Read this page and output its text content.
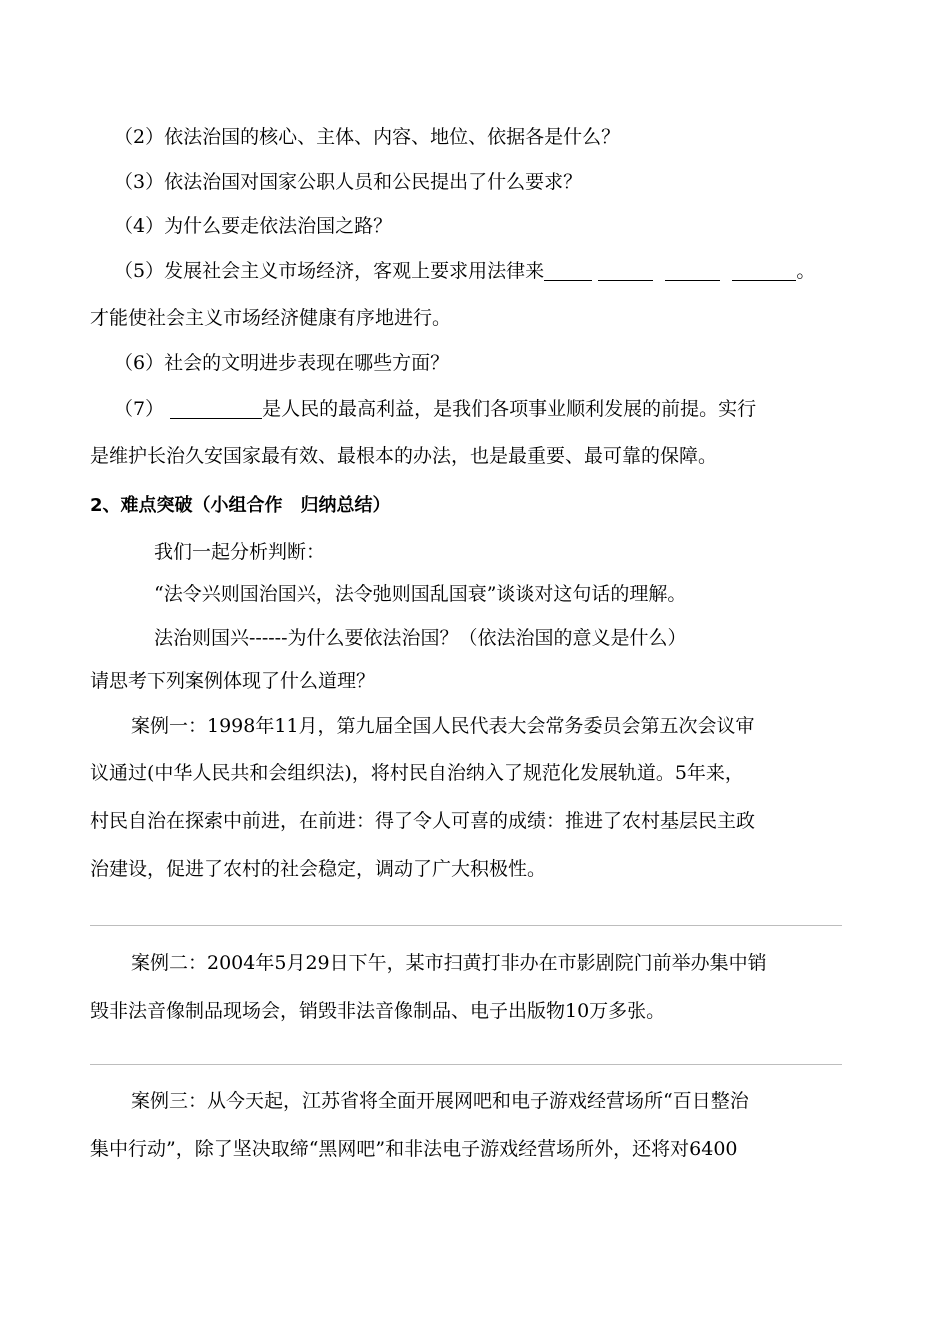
（2）依法治国的核心、主体、内容、地位、依据各是什么？
（3）依法治国对国家公职人员和公民提出了什么要求？
（4）为什么要走依法治国之路？
（5）发展社会主义市场经济，客观上要求用法律来	。
才能使社会主义市场经济健康有序地进行。
（6）社会的文明进步表现在哪些方面？
（7）	是人民的最高利益，是我们各项事业顺利发展的前提。实行
是维护长治久安国家最有效、最根本的办法，也是最重要、最可靠的保障。
2、难点突破（小组合作　归纳总结）
我们一起分析判断：
“法令兴则国治国兴，法令弛则国乱国衰”谈谈对这句话的理解。
法治则国兴------为什么要依法治国？（依法治国的意义是什么）
请思考下列案例体现了什么道理？
案例一：1998年11月，第九届全国人民代表大会常务委员会第五次会议审
议通过(中华人民共和会组织法)，将村民自治纳入了规范化发展轨道。5年来，
村民自治在探索中前进，在前进：得了令人可喜的成绩：推进了农村基层民主政
治建设，促进了农村的社会稳定，调动了广大积极性。
案例二：2004年5月29日下午，某市扫黄打非办在市影剧院门前举办集中销
毁非法音像制品现场会，销毁非法音像制品、电子出版物10万多张。
案例三：从今天起，江苏省将全面开展网吧和电子游戏经营场所“百日整治
集中行动”，除了坚决取缔“黑网吧”和非法电子游戏经营场所外，还将对6400
